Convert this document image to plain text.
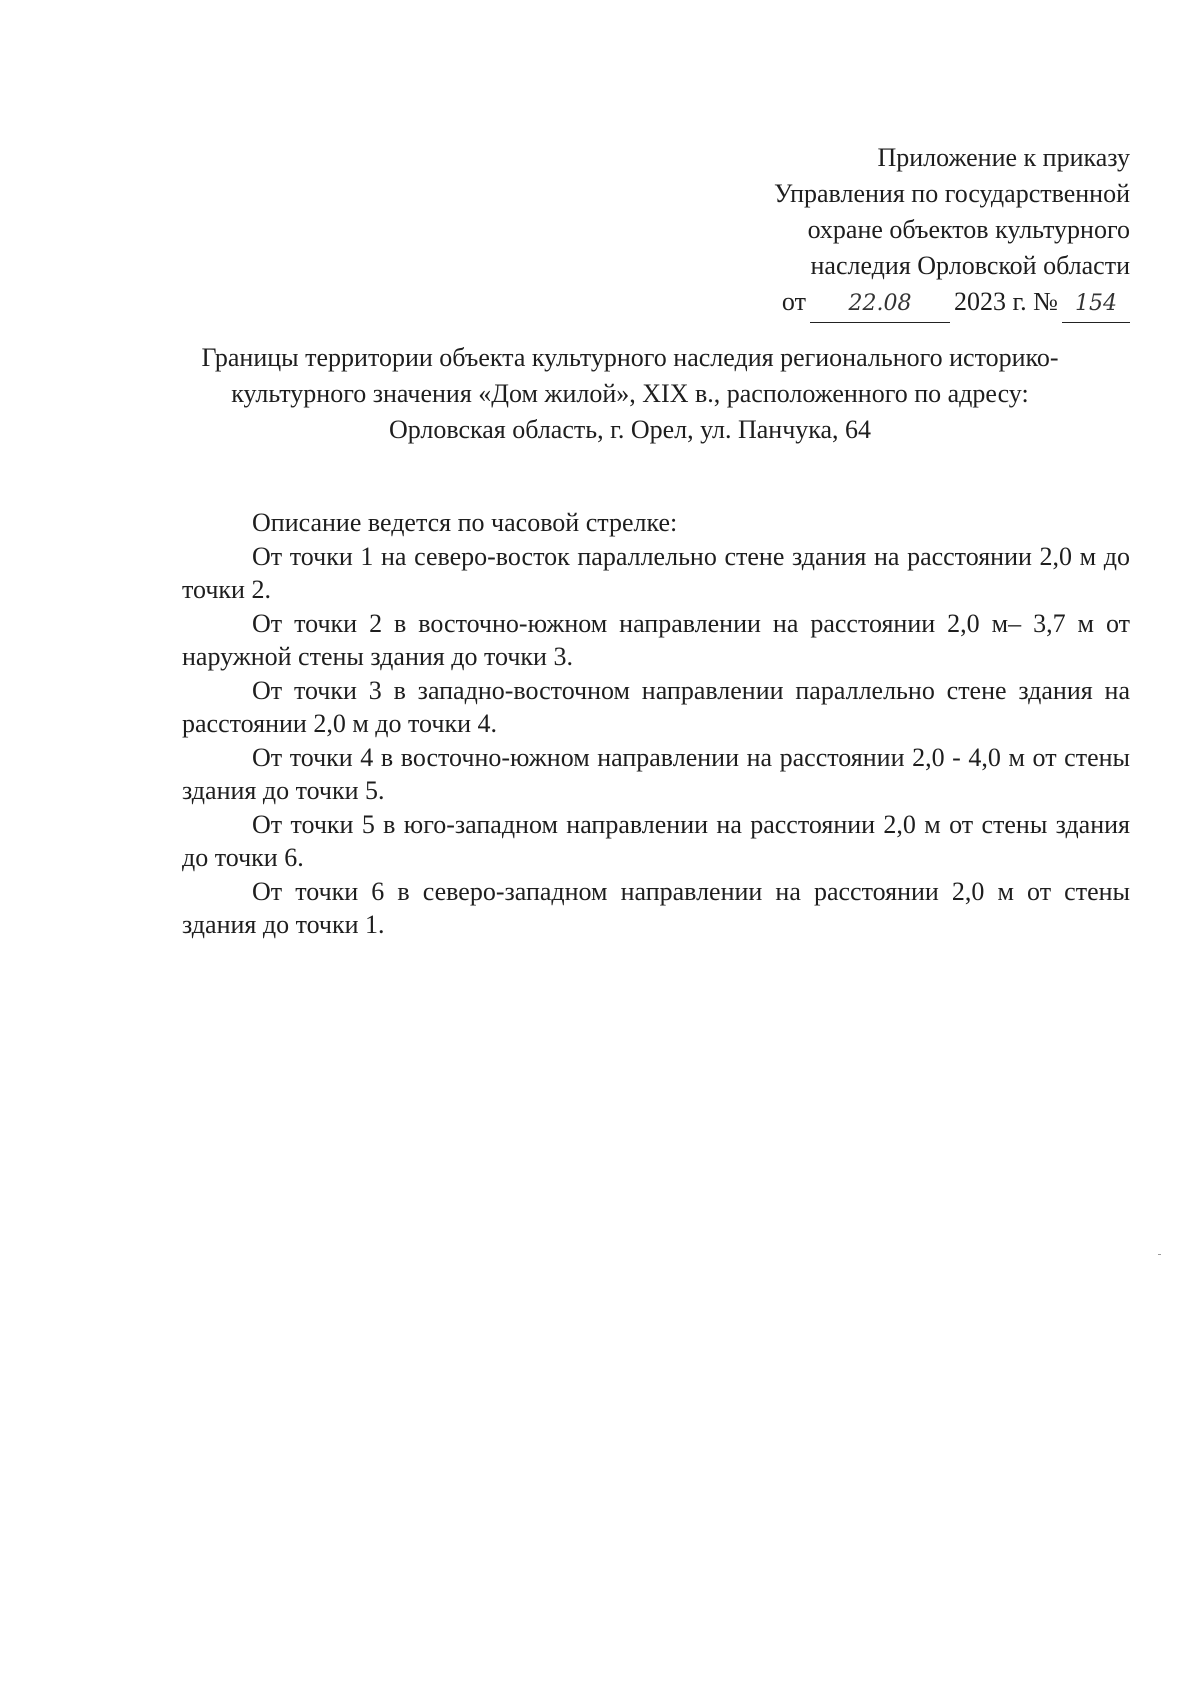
Приложение к приказу
Управления по государственной
охране объектов культурного
наследия Орловской области
от	22.08	2023 г. № 154
Границы территории объекта культурного наследия регионального историко-
культурного значения «Дом жилой», XIX в., расположенного по адресу:
Орловская область, г. Орел, ул. Панчука, 64

Описание ведется по часовой стрелке:

От точки 1 на северо-восток параллельно стене здания на расстоянии 2,0 м до точки 2.

От точки 2 в восточно-южном направлении на расстоянии 2,0 м– 3,7 м от наружной стены здания до точки 3.

От точки 3 в западно-восточном направлении параллельно стене здания на расстоянии 2,0 м до точки 4.

От точки 4 в восточно-южном направлении на расстоянии 2,0 - 4,0 м от стены здания до точки 5.

От точки 5 в юго-западном направлении на расстоянии 2,0 м от стены здания до точки 6.

От точки 6 в северо-западном направлении на расстоянии 2,0 м от стены здания до точки 1.
